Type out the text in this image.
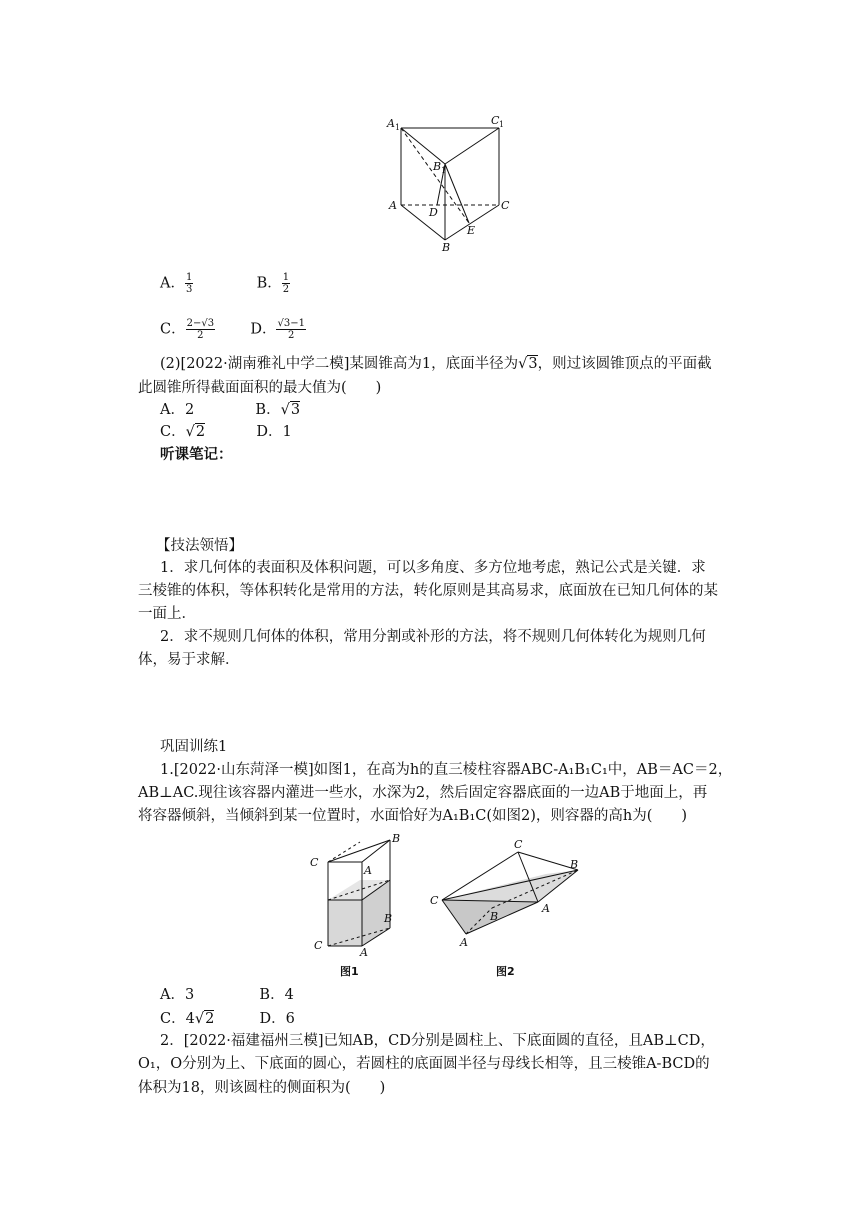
A 1
C 1
B 1
A
D
C
E
B
A． $\frac{1}{3}$	B． $\frac{1}{2}$
C． $\frac{2-√3}{2}$ D． $\frac{√3-1}{2}$
(2)[2022·湖南雅礼中学二模]某圆锥高为1，底面半径为√3，则过该圆锥顶点的平面截
此圆锥所得截面面积的最大值为(　　)
A．2	B．√3
C．√2	D．1
听课笔记：
【技法领悟】
1．求几何体的表面积及体积问题，可以多角度、多方位地考虑，熟记公式是关键．求
三棱锥的体积，等体积转化是常用的方法，转化原则是其高易求，底面放在已知几何体的某
一面上．
2．求不规则几何体的体积，常用分割或补形的方法，将不规则几何体转化为规则几何
体，易于求解．
巩固训练1
1.[2022·山东菏泽一模]如图1，在高为h的直三棱柱容器ABC-A₁B₁C₁中，AB＝AC＝2，
AB⊥AC.现往该容器内灌进一些水，水深为2，然后固定容器底面的一边AB于地面上，再
将容器倾斜，当倾斜到某一位置时，水面恰好为A₁B₁C(如图2)，则容器的高h为(　　)
B
C
A
B
C
A
图1
C
B
C
A
B
A
图2
A．3	B．4
C．4√2	D．6
2．[2022·福建福州三模]已知AB，CD分别是圆柱上、下底面圆的直径，且AB⊥CD，
O₁，O分别为上、下底面的圆心，若圆柱的底面圆半径与母线长相等，且三棱锥A-BCD的
体积为18，则该圆柱的侧面积为(　　)
